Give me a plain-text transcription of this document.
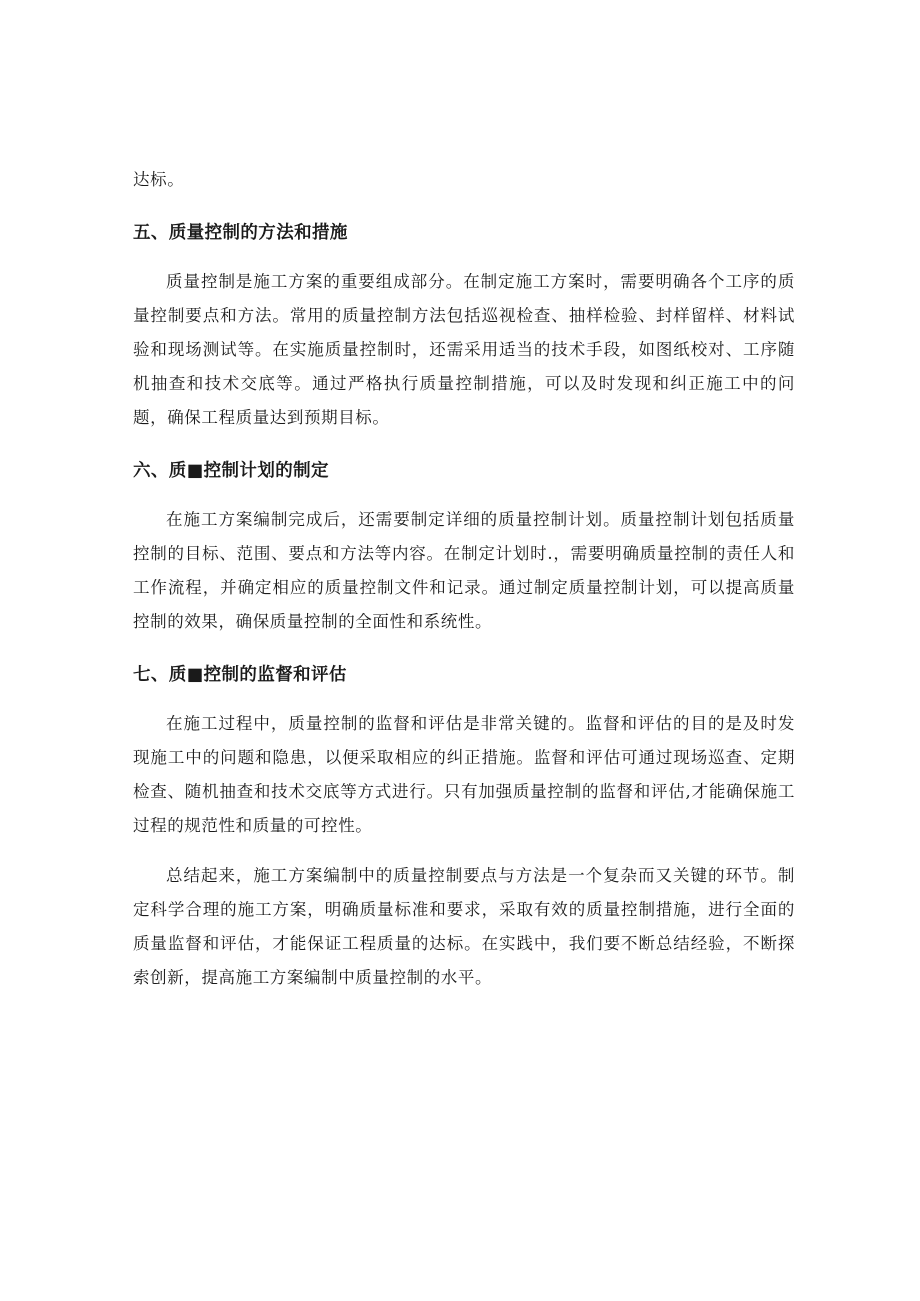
达标。

五、质量控制的方法和措施

质量控制是施工方案的重要组成部分。在制定施工方案时，需要明确各个工序的质量控制要点和方法。常用的质量控制方法包括巡视检查、抽样检验、封样留样、材料试验和现场测试等。在实施质量控制时，还需采用适当的技术手段，如图纸校对、工序随机抽查和技术交底等。通过严格执行质量控制措施，可以及时发现和纠正施工中的问题，确保工程质量达到预期目标。

六、质■控制计划的制定

在施工方案编制完成后，还需要制定详细的质量控制计划。质量控制计划包括质量控制的目标、范围、要点和方法等内容。在制定计划时.，需要明确质量控制的责任人和工作流程，并确定相应的质量控制文件和记录。通过制定质量控制计划，可以提高质量控制的效果，确保质量控制的全面性和系统性。

七、质■控制的监督和评估

在施工过程中，质量控制的监督和评估是非常关键的。监督和评估的目的是及时发现施工中的问题和隐患，以便采取相应的纠正措施。监督和评估可通过现场巡查、定期检查、随机抽查和技术交底等方式进行。只有加强质量控制的监督和评估,才能确保施工过程的规范性和质量的可控性。

总结起来，施工方案编制中的质量控制要点与方法是一个复杂而又关键的环节。制定科学合理的施工方案，明确质量标准和要求，采取有效的质量控制措施，进行全面的质量监督和评估，才能保证工程质量的达标。在实践中，我们要不断总结经验，不断探索创新，提高施工方案编制中质量控制的水平。
